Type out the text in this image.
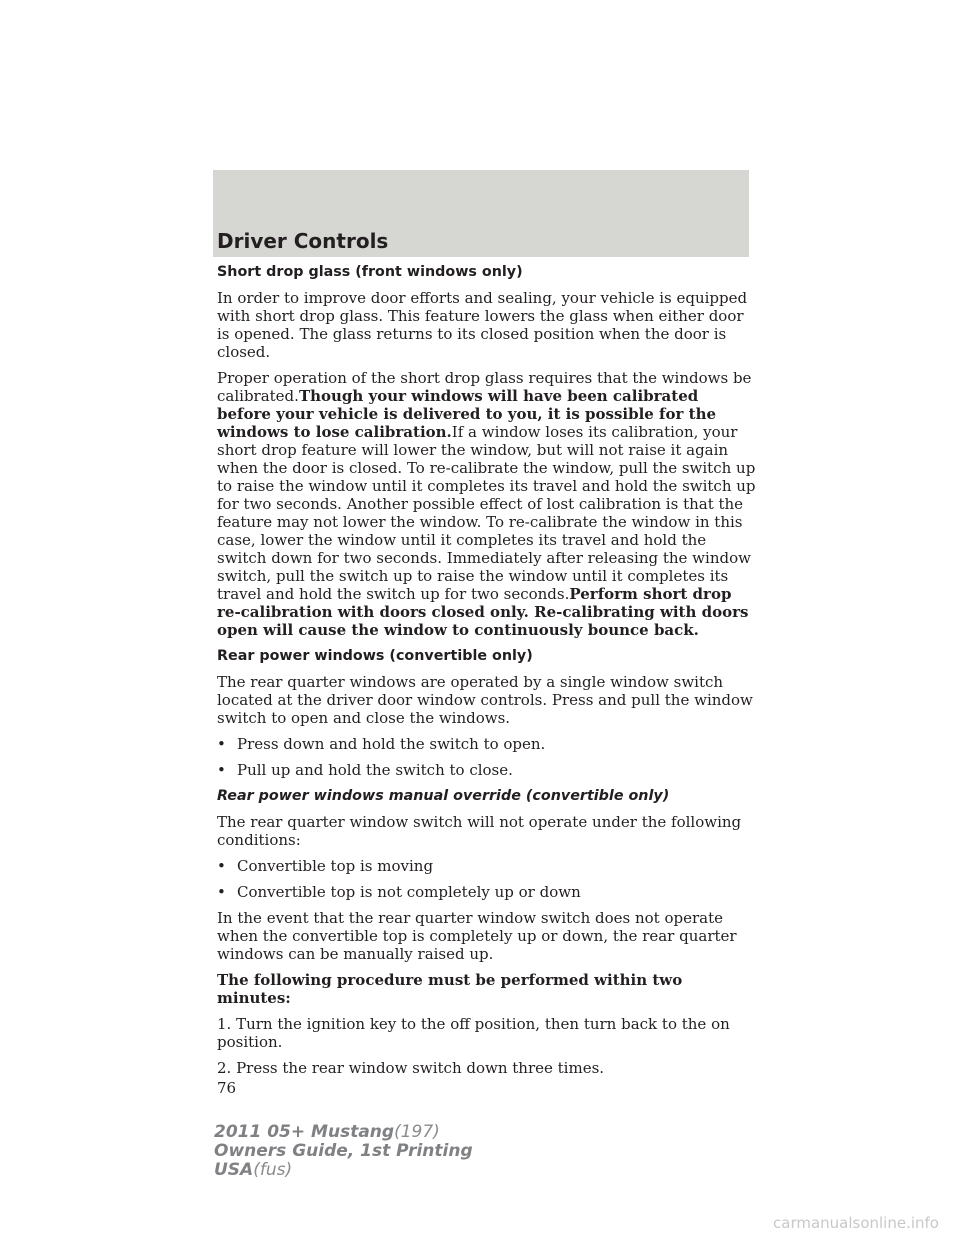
Driver Controls
Short drop glass (front windows only)

In order to improve door efforts and sealing, your vehicle is equipped with short drop glass. This feature lowers the glass when either door is opened. The glass returns to its closed position when the door is closed.

Proper operation of the short drop glass requires that the windows be calibrated.Though your windows will have been calibrated before your vehicle is delivered to you, it is possible for the windows to lose calibration.If a window loses its calibration, your short drop feature will lower the window, but will not raise it again when the door is closed. To re-calibrate the window, pull the switch up to raise the window until it completes its travel and hold the switch up for two seconds. Another possible effect of lost calibration is that the feature may not lower the window. To re-calibrate the window in this case, lower the window until it completes its travel and hold the switch down for two seconds. Immediately after releasing the window switch, pull the switch up to raise the window until it completes its travel and hold the switch up for two seconds.Perform short drop re-calibration with doors closed only. Re-calibrating with doors open will cause the window to continuously bounce back.

Rear power windows (convertible only)

The rear quarter windows are operated by a single window switch located at the driver door window controls. Press and pull the window switch to open and close the windows.

• Press down and hold the switch to open.
• Pull up and hold the switch to close.
Rear power windows manual override (convertible only)

The rear quarter window switch will not operate under the following conditions:

• Convertible top is moving
• Convertible top is not completely up or down

In the event that the rear quarter window switch does not operate when the convertible top is completely up or down, the rear quarter windows can be manually raised up.

The following procedure must be performed within two minutes:

1. Turn the ignition key to the off position, then turn back to the on position.

2. Press the rear window switch down three times.

76
2011 05+ Mustang(197)
Owners Guide, 1st Printing
USA(fus)
carmanualsonline.info
